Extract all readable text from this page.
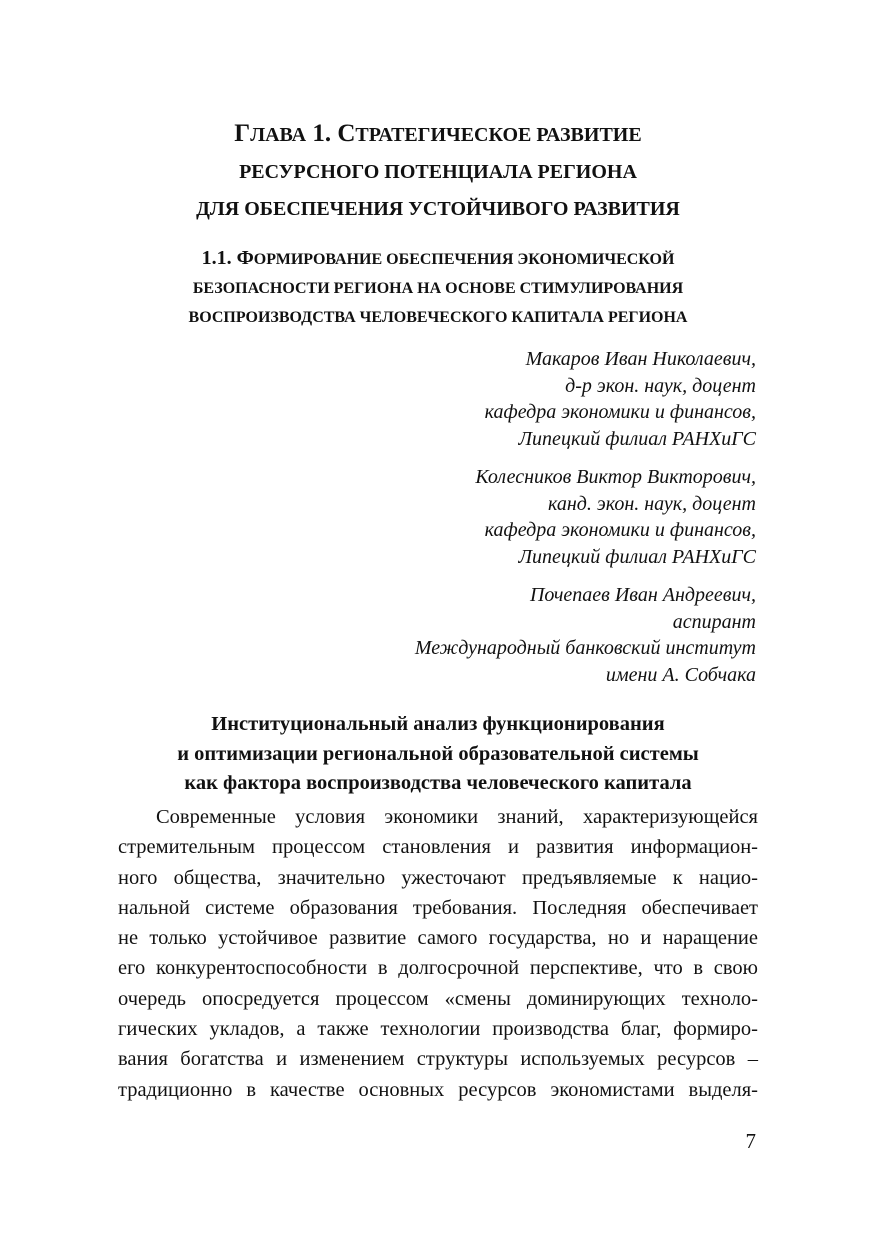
ГЛАВА 1. СТРАТЕГИЧЕСКОЕ РАЗВИТИЕ
РЕСУРСНОГО ПОТЕНЦИАЛА РЕГИОНА
ДЛЯ ОБЕСПЕЧЕНИЯ УСТОЙЧИВОГО РАЗВИТИЯ
1.1. ФОРМИРОВАНИЕ ОБЕСПЕЧЕНИЯ ЭКОНОМИЧЕСКОЙ
БЕЗОПАСНОСТИ РЕГИОНА НА ОСНОВЕ СТИМУЛИРОВАНИЯ
ВОСПРОИЗВОДСТВА ЧЕЛОВЕЧЕСКОГО КАПИТАЛА РЕГИОНА
Макаров Иван Николаевич,
д-р экон. наук, доцент
кафедра экономики и финансов,
Липецкий филиал РАНХиГС
Колесников Виктор Викторович,
канд. экон. наук, доцент
кафедра экономики и финансов,
Липецкий филиал РАНХиГС
Почепаев Иван Андреевич,
аспирант
Международный банковский институт
имени А. Собчака
Институциональный анализ функционирования
и оптимизации региональной образовательной системы
как фактора воспроизводства человеческого капитала
Современные условия экономики знаний, характеризующейся
стремительным процессом становления и развития информацион-
ного общества, значительно ужесточают предъявляемые к нацио-
нальной системе образования требования. Последняя обеспечивает
не только устойчивое развитие самого государства, но и наращение
его конкурентоспособности в долгосрочной перспективе, что в свою
очередь опосредуется процессом «смены доминирующих техноло-
гических укладов, а также технологии производства благ, формиро-
вания богатства и изменением структуры используемых ресурсов –
традиционно в качестве основных ресурсов экономистами выделя-
7
